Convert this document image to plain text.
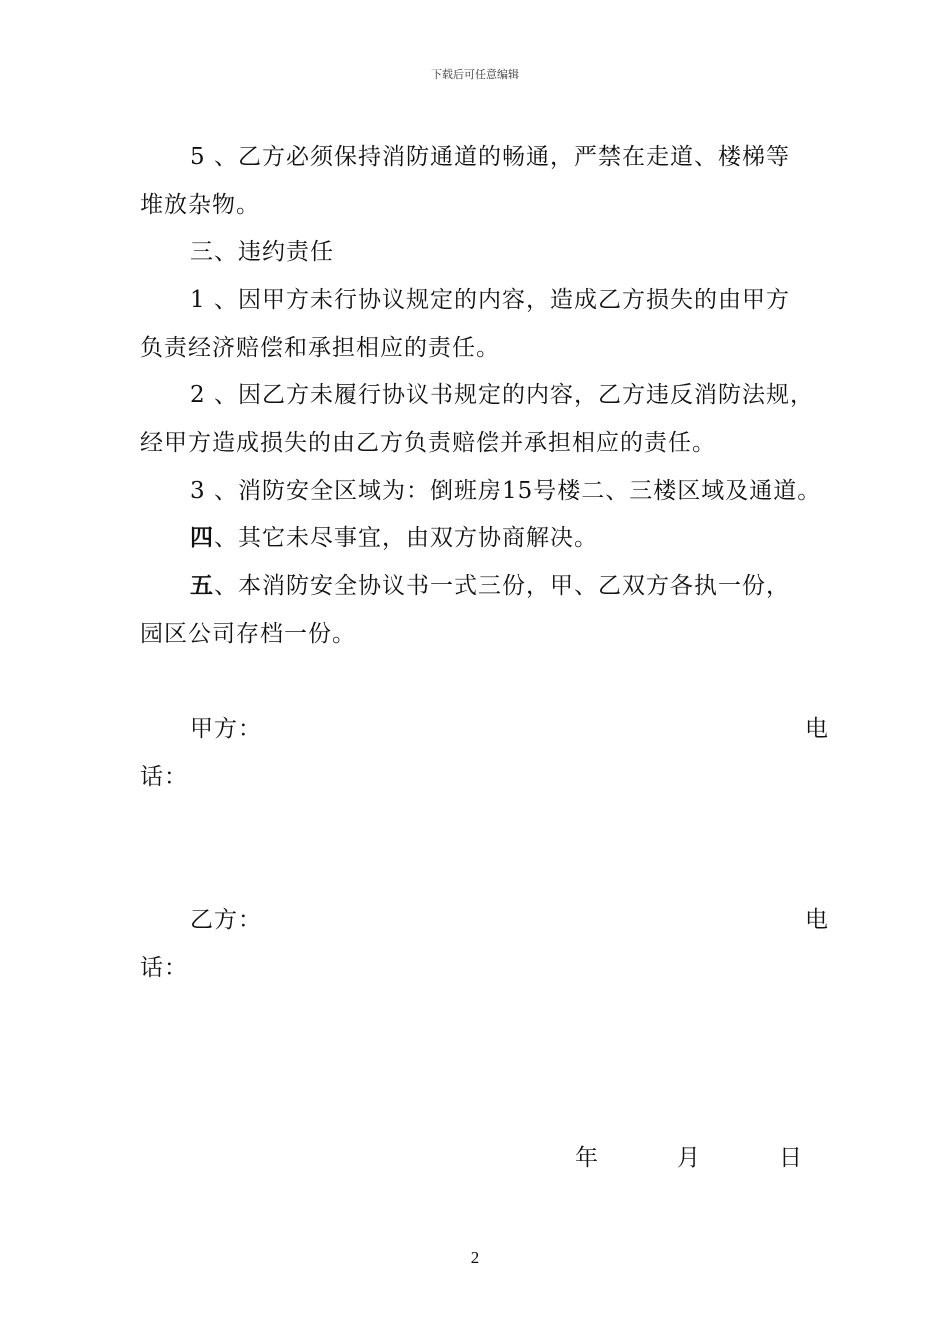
下载后可任意编辑
5 、乙方必须保持消防通道的畅通，严禁在走道、楼梯等
堆放杂物。
三、违约责任
1 、因甲方未行协议规定的内容，造成乙方损失的由甲方
负责经济赔偿和承担相应的责任。
2 、因乙方未履行协议书规定的内容，乙方违反消防法规，
经甲方造成损失的由乙方负责赔偿并承担相应的责任。
3 、消防安全区域为：倒班房15号楼二、三楼区域及通道。
四、其它未尽事宜，由双方协商解决。
五、本消防安全协议书一式三份，甲、乙双方各执一份，
园区公司存档一份。
甲方：	电
话：
乙方：	电
话：
年	月	日
2
